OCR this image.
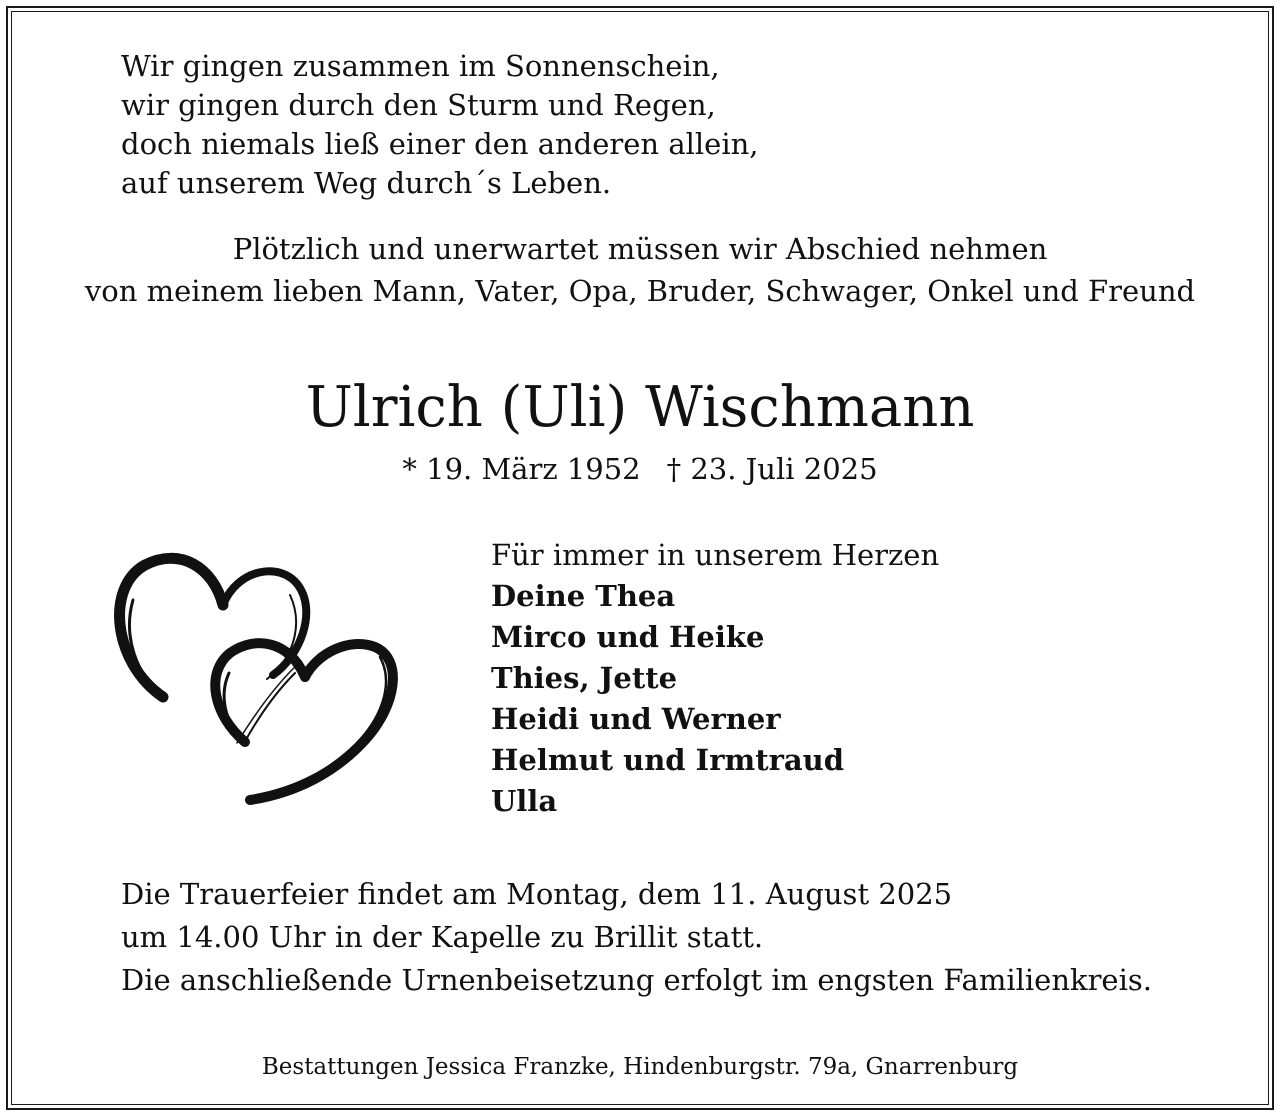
Wir gingen zusammen im Sonnenschein,
wir gingen durch den Sturm und Regen,
doch niemals ließ einer den anderen allein,
auf unserem Weg durch´s Leben.
Plötzlich und unerwartet müssen wir Abschied nehmen
von meinem lieben Mann, Vater, Opa, Bruder, Schwager, Onkel und Freund
Ulrich (Uli) Wischmann
* 19. März 1952 † 23. Juli 2025
Für immer in unserem Herzen
Deine Thea
Mirco und Heike
Thies, Jette
Heidi und Werner
Helmut und Irmtraud
Ulla
Die Trauerfeier findet am Montag, dem 11. August 2025
um 14.00 Uhr in der Kapelle zu Brillit statt.
Die anschließende Urnenbeisetzung erfolgt im engsten Familienkreis.
Bestattungen Jessica Franzke, Hindenburgstr. 79a, Gnarrenburg
